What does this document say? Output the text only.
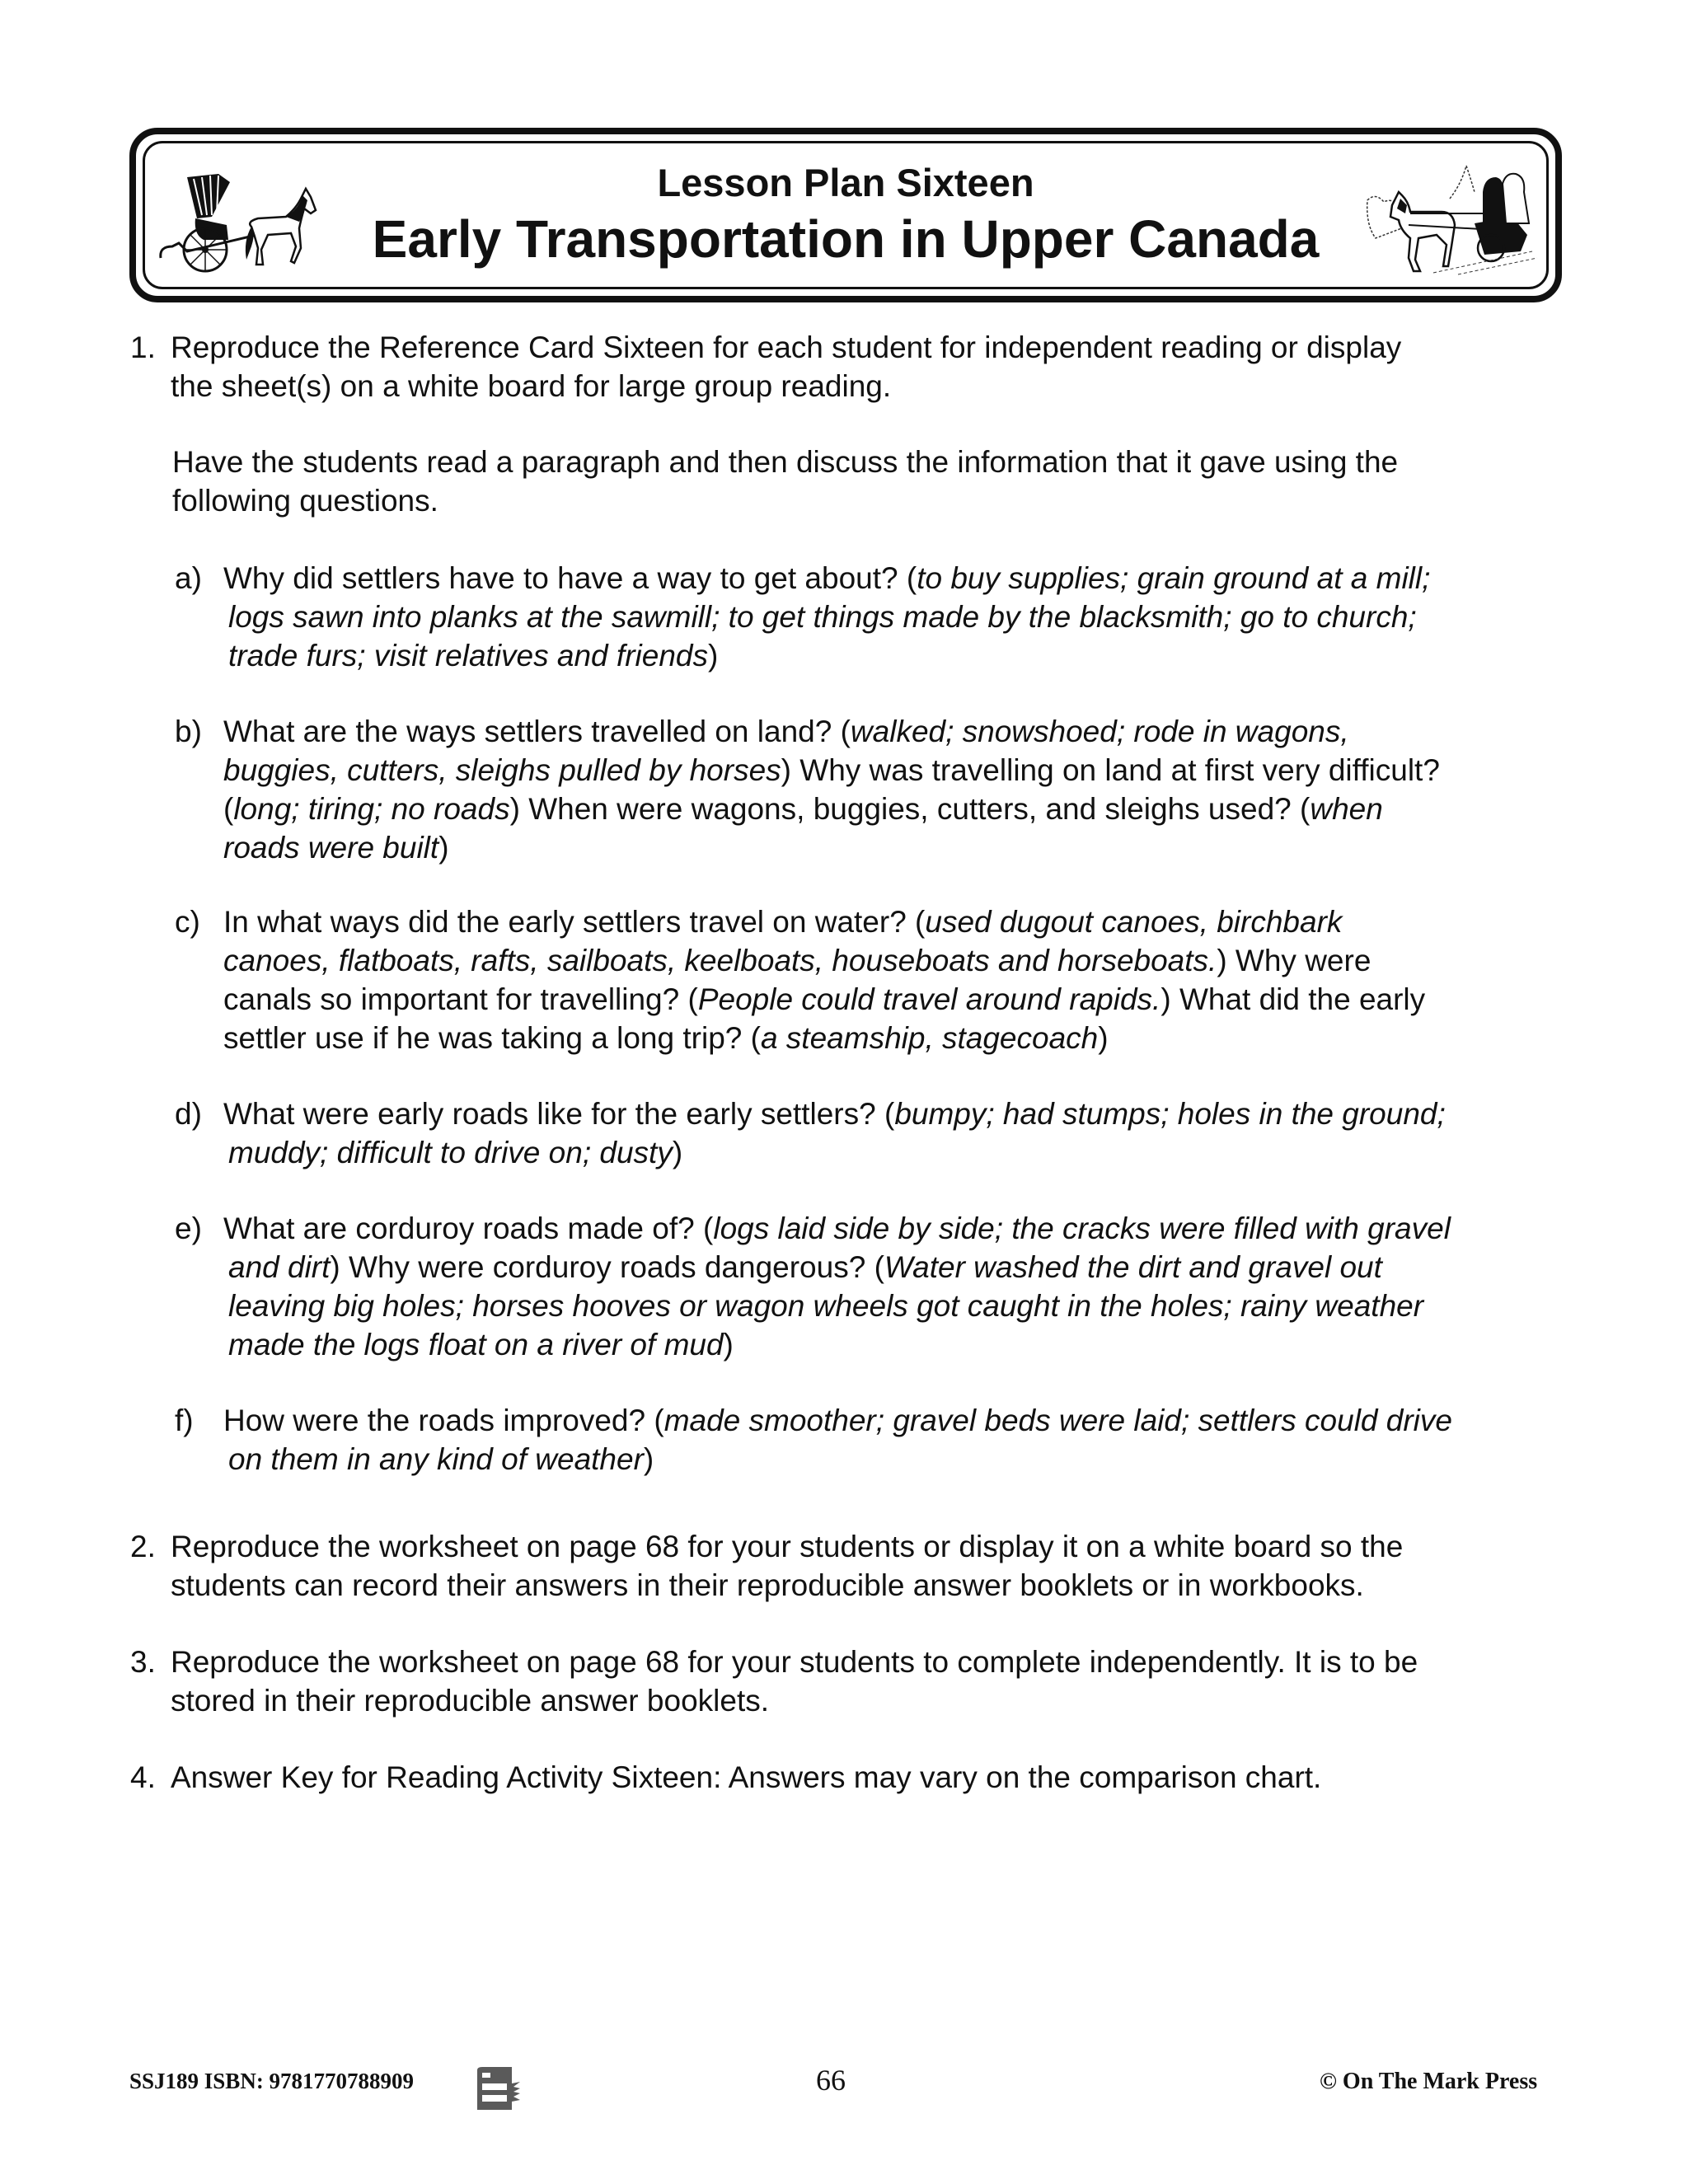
Lesson Plan Sixteen
Early Transportation in Upper Canada
1. Reproduce the Reference Card Sixteen for each student for independent reading or display
the sheet(s) on a white board for large group reading.
Have the students read a paragraph and then discuss the information that it gave using the
following questions.
a) Why did settlers have to have a way to get about? (to buy supplies; grain ground at a mill;
logs sawn into planks at the sawmill; to get things made by the blacksmith; go to church;
trade furs; visit relatives and friends)
b) What are the ways settlers travelled on land? (walked; snowshoed; rode in wagons,
buggies, cutters, sleighs pulled by horses) Why was travelling on land at first very difficult?
(long; tiring; no roads) When were wagons, buggies, cutters, and sleighs used? (when
roads were built)
c) In what ways did the early settlers travel on water? (used dugout canoes, birchbark
canoes, flatboats, rafts, sailboats, keelboats, houseboats and horseboats.) Why were
canals so important for travelling? (People could travel around rapids.) What did the early
settler use if he was taking a long trip? (a steamship, stagecoach)
d) What were early roads like for the early settlers? (bumpy; had stumps; holes in the ground;
muddy; difficult to drive on; dusty)
e) What are corduroy roads made of? (logs laid side by side; the cracks were filled with gravel
and dirt) Why were corduroy roads dangerous? (Water washed the dirt and gravel out
leaving big holes; horses hooves or wagon wheels got caught in the holes; rainy weather
made the logs float on a river of mud)
f) How were the roads improved? (made smoother; gravel beds were laid; settlers could drive
on them in any kind of weather)
2. Reproduce the worksheet on page 68 for your students or display it on a white board so the
students can record their answers in their reproducible answer booklets or in workbooks.
3. Reproduce the worksheet on page 68 for your students to complete independently. It is to be
stored in their reproducible answer booklets.
4. Answer Key for Reading Activity Sixteen: Answers may vary on the comparison chart.
SSJ189 ISBN: 9781770788909	66	© On The Mark Press
